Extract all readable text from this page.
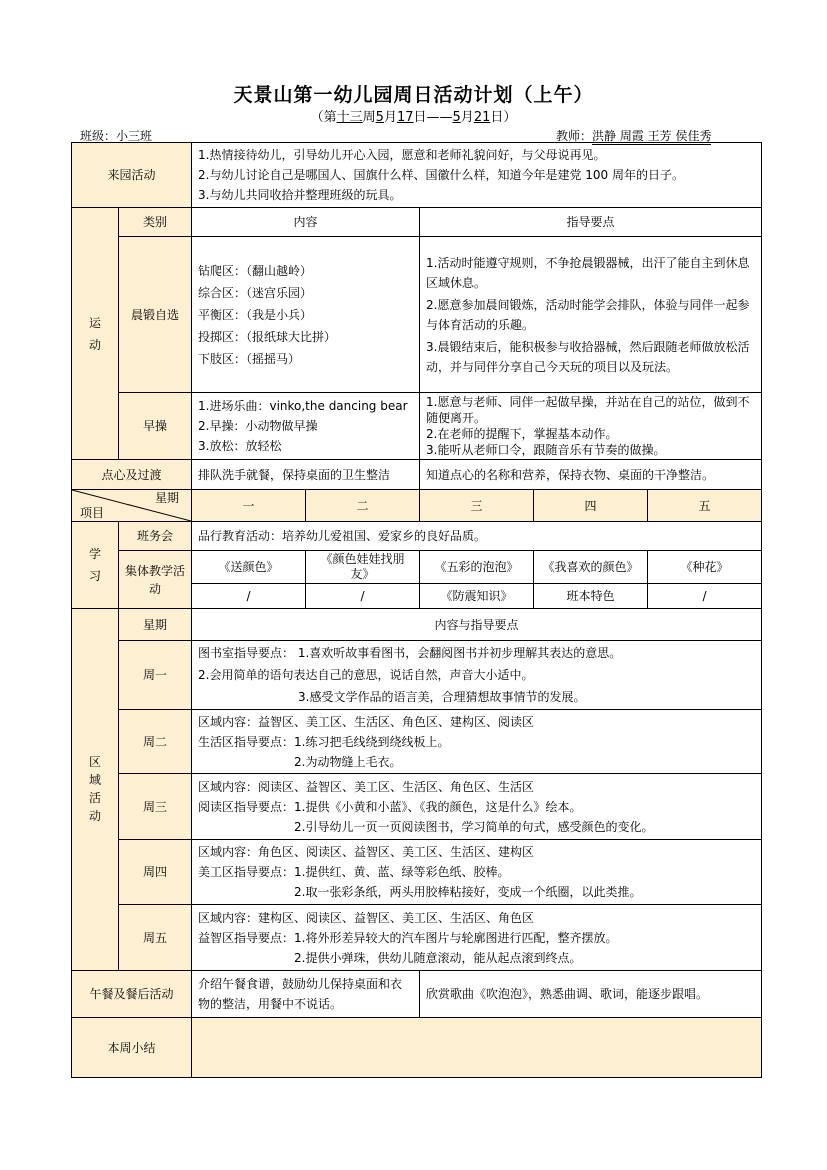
天景山第一幼儿园周日活动计划（上午）
（第十三周5月17日——5月21日）
班级：小三班	教师：洪静 周霞 王芳 侯佳秀
来园活动		1.热情接待幼儿，引导幼儿开心入园，愿意和老师礼貌问好，与父母说再见。
2.与幼儿讨论自己是哪国人、国旗什么样、国徽什么样，知道今年是建党 100 周年的日子。
3.与幼儿共同收拾并整理班级的玩具。				

运动	类别	内容		指导要点		
	晨锻自选	钻爬区：（翻山越岭）
综合区：（迷宫乐园）
平衡区：（我是小兵）
投掷区：（报纸球大比拼）
下肢区：（摇摇马）		1.活动时能遵守规则，不争抢晨锻器械，出汗了能自主到休息区域休息。
2.愿意参加晨间锻炼，活动时能学会排队，体验与同伴一起参与体育活动的乐趣。
3.晨锻结束后，能积极参与收拾器械，然后跟随老师做放松活动，并与同伴分享自己今天玩的项目以及玩法。		

	早操	1.进场乐曲：vinko,the dancing bear
2.早操：小动物做早操
3.放松：放轻松		1.愿意与老师、同伴一起做早操，并站在自己的站位，做到不随便离开。
2.在老师的提醒下，掌握基本动作。
3.能听从老师口令，跟随音乐有节奏的做操。		

点心及过渡		排队洗手就餐，保持桌面的卫生整洁		知道点心的名称和营养，保持衣物、桌面的干净整洁。		

星期
项目		一	二	三	四	五
学习	班务会	品行教育活动：培养幼儿爱祖国、爱家乡的良好品质。				
	集体教学活动	《送颜色》	《颜色娃娃找朋友》	《五彩的泡泡》	《我喜欢的颜色》	《种花》
		/	/	《防震知识》	班本特色	/
区域活动	星期	内容与指导要点				
	周一	图书室指导要点： 1.喜欢听故事看图书，会翻阅图书并初步理解其表达的意思。
2.会用简单的语句表达自己的意思，说话自然，声音大小适中。
3.感受文学作品的语言美，合理猜想故事情节的发展。				

	周二	区域内容：益智区、美工区、生活区、角色区、建构区、阅读区
生活区指导要点：1.练习把毛线绕到绕线板上。
2.为动物缝上毛衣。				

	周三	区域内容：阅读区、益智区、美工区、生活区、角色区、生活区
阅读区指导要点：1.提供《小黄和小蓝》、《我的颜色，这是什么》绘本。
2.引导幼儿一页一页阅读图书，学习简单的句式，感受颜色的变化。				

	周四	区域内容：角色区、阅读区、益智区、美工区、生活区、建构区
美工区指导要点：1.提供红、黄、蓝、绿等彩色纸、胶棒。
2.取一张彩条纸，两头用胶棒粘接好，变成一个纸圈，以此类推。				

	周五	区域内容：建构区、阅读区、益智区、美工区、生活区、角色区
益智区指导要点：1.将外形差异较大的汽车图片与轮廓图进行匹配，整齐摆放。
2.提供小弹珠，供幼儿随意滚动，能从起点滚到终点。				

午餐及餐后活动		介绍午餐食谱，鼓励幼儿保持桌面和衣物的整洁，用餐中不说话。		欣赏歌曲《吹泡泡》，熟悉曲调、歌词，能逐步跟唱。		
本周小结						
